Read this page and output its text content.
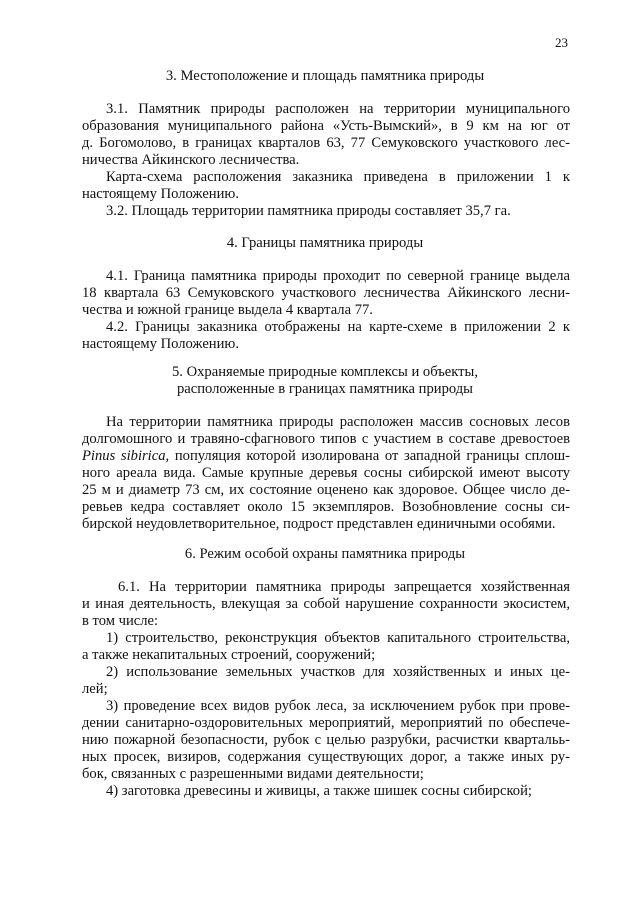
23
3. Местоположение и площадь памятника природы
3.1. Памятник природы расположен на территории муниципального
образования муниципального района «Усть-Вымский», в 9 км на юг от
д. Богомолово, в границах кварталов 63, 77 Семуковского участкового лес-
ничества Айкинского лесничества.
Карта-схема расположения заказника приведена в приложении 1 к
настоящему Положению.
3.2. Площадь территории памятника природы составляет 35,7 га.
4. Границы памятника природы
4.1. Граница памятника природы проходит по северной границе выдела
18 квартала 63 Семуковского участкового лесничества Айкинского лесни-
чества и южной границе выдела 4 квартала 77.
4.2. Границы заказника отображены на карте-схеме в приложении 2 к
настоящему Положению.
5. Охраняемые природные комплексы и объекты,
расположенные в границах памятника природы
На территории памятника природы расположен массив сосновых лесов
долгомошного и травяно-сфагнового типов с участием в составе древостоев
Pinus sibirica, популяция которой изолирована от западной границы сплош-
ного ареала вида. Самые крупные деревья сосны сибирской имеют высоту
25 м и диаметр 73 см, их состояние оценено как здоровое. Общее число де-
ревьев кедра составляет около 15 экземпляров. Возобновление сосны си-
бирской неудовлетворительное, подрост представлен единичными особями.
6. Режим особой охраны памятника природы
6.1. На территории памятника природы запрещается хозяйственная
и иная деятельность, влекущая за собой нарушение сохранности экосистем,
в том числе:
1) строительство, реконструкция объектов капитального строительства,
а также некапитальных строений, сооружений;
2) использование земельных участков для хозяйственных и иных це-
лей;
3) проведение всех видов рубок леса, за исключением рубок при прове-
дении санитарно-оздоровительных мероприятий, мероприятий по обеспече-
нию пожарной безопасности, рубок с целью разрубки, расчистки квартальь-
ных просек, визиров, содержания существующих дорог, а также иных ру-
бок, связанных с разрешенными видами деятельности;
4) заготовка древесины и живицы, а также шишек сосны сибирской;
